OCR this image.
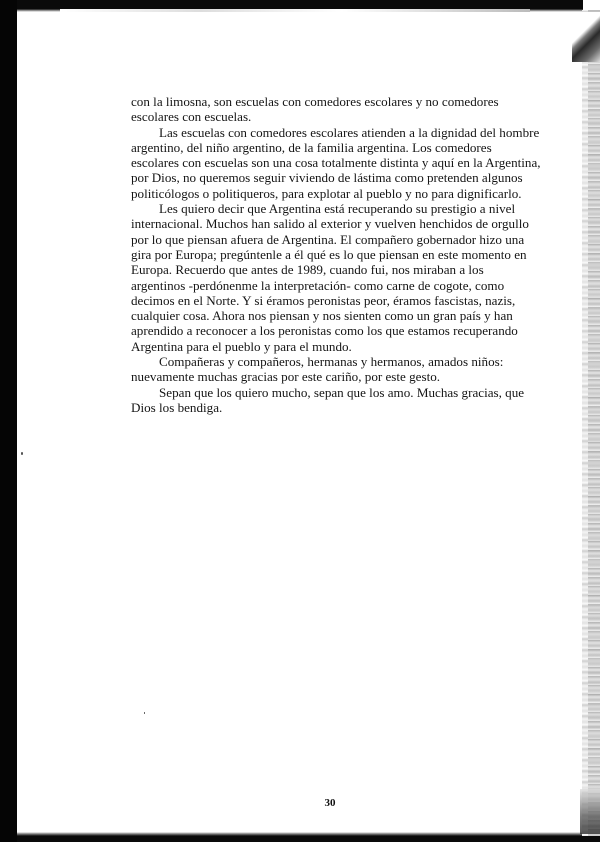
con la limosna, son escuelas con comedores escolares y no comedores escolares con escuelas.

Las escuelas con comedores escolares atienden a la dignidad del hombre argentino, del niño argentino, de la familia argentina. Los comedores escolares con escuelas son una cosa totalmente distinta y aquí en la Argentina, por Dios, no queremos seguir viviendo de lástima como pretenden algunos politicólogos o politiqueros, para explotar al pueblo y no para dignificarlo.

Les quiero decir que Argentina está recuperando su prestigio a nivel internacional. Muchos han salido al exterior y vuelven henchidos de orgullo por lo que piensan afuera de Argentina. El compañero gobernador hizo una gira por Europa; pregúntenle a él qué es lo que piensan en este momento en Europa. Recuerdo que antes de 1989, cuando fui, nos miraban a los argentinos -perdónenme la interpretación- como carne de cogote, como decimos en el Norte. Y si éramos peronistas peor, éramos fascistas, nazis, cualquier cosa. Ahora nos piensan y nos sienten como un gran país y han aprendido a reconocer a los peronistas como los que estamos recuperando Argentina para el pueblo y para el mundo.

Compañeras y compañeros, hermanas y hermanos, amados niños: nuevamente muchas gracias por este cariño, por este gesto.

Sepan que los quiero mucho, sepan que los amo. Muchas gracias, que Dios los bendiga.

30
